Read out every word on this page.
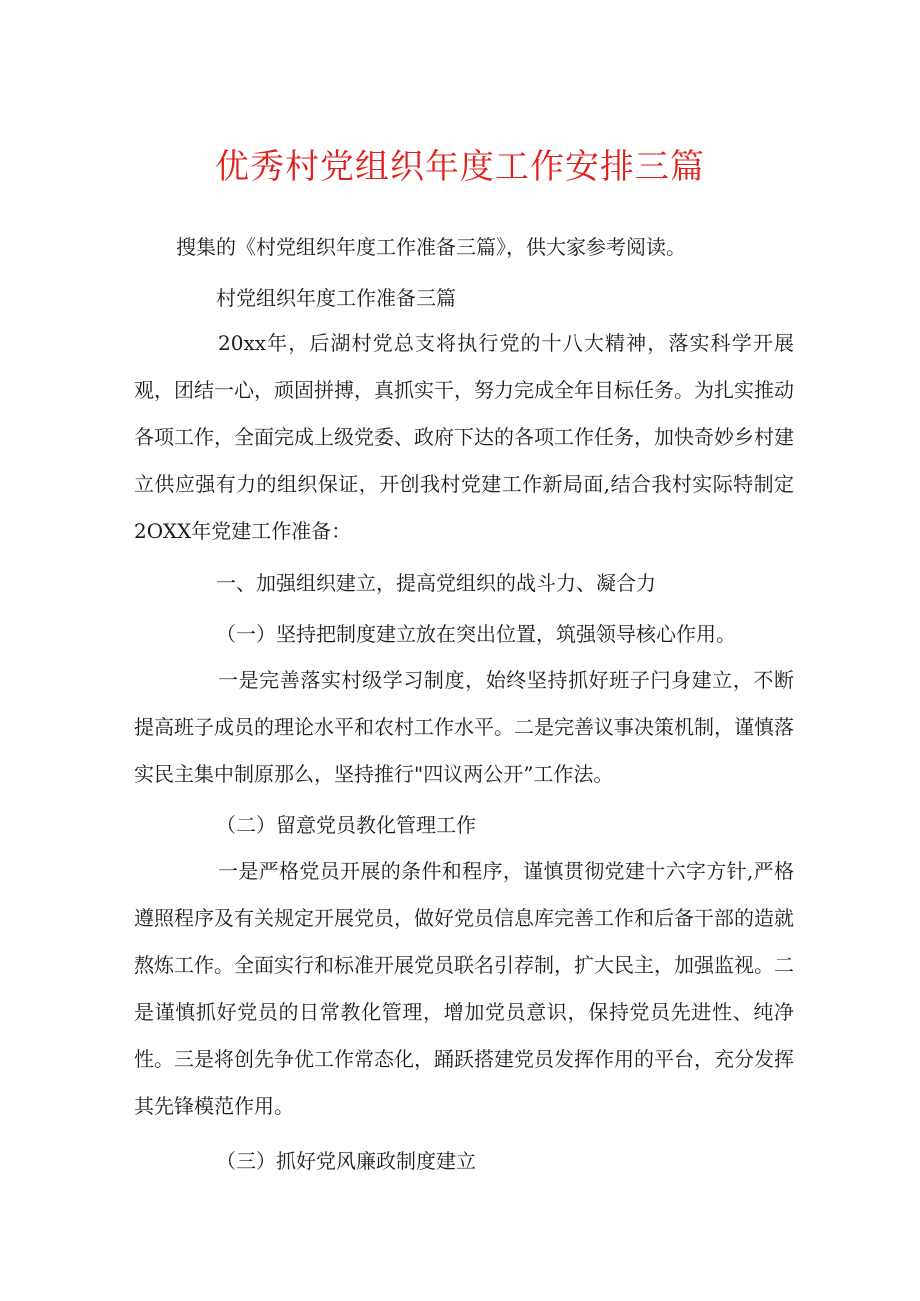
优秀村党组织年度工作安排三篇
搜集的《村党组织年度工作准备三篇》，供大家参考阅读。
村党组织年度工作准备三篇
20xx年，后湖村党总支将执行党的十八大精神，落实科学开展观，团结一心，顽固拼搏，真抓实干，努力完成全年目标任务。为扎实推动各项工作，全面完成上级党委、政府下达的各项工作任务，加快奇妙乡村建立供应强有力的组织保证，开创我村党建工作新局面,结合我村实际特制定2OXX年党建工作准备：
一、加强组织建立，提高党组织的战斗力、凝合力
（一）坚持把制度建立放在突出位置，筑强领导核心作用。
一是完善落实村级学习制度，始终坚持抓好班子闩身建立，不断提高班子成员的理论水平和农村工作水平。二是完善议事决策机制，谨慎落实民主集中制原那么，坚持推行"四议两公开”工作法。
（二）留意党员教化管理工作
一是严格党员开展的条件和程序，谨慎贯彻党建十六字方针,严格遵照程序及有关规定开展党员，做好党员信息库完善工作和后备干部的造就熬炼工作。全面实行和标准开展党员联名引荐制，扩大民主，加强监视。二是谨慎抓好党员的日常教化管理，增加党员意识，保持党员先进性、纯净性。三是将创先争优工作常态化，踊跃搭建党员发挥作用的平台，充分发挥其先锋模范作用。
（三）抓好党风廉政制度建立
